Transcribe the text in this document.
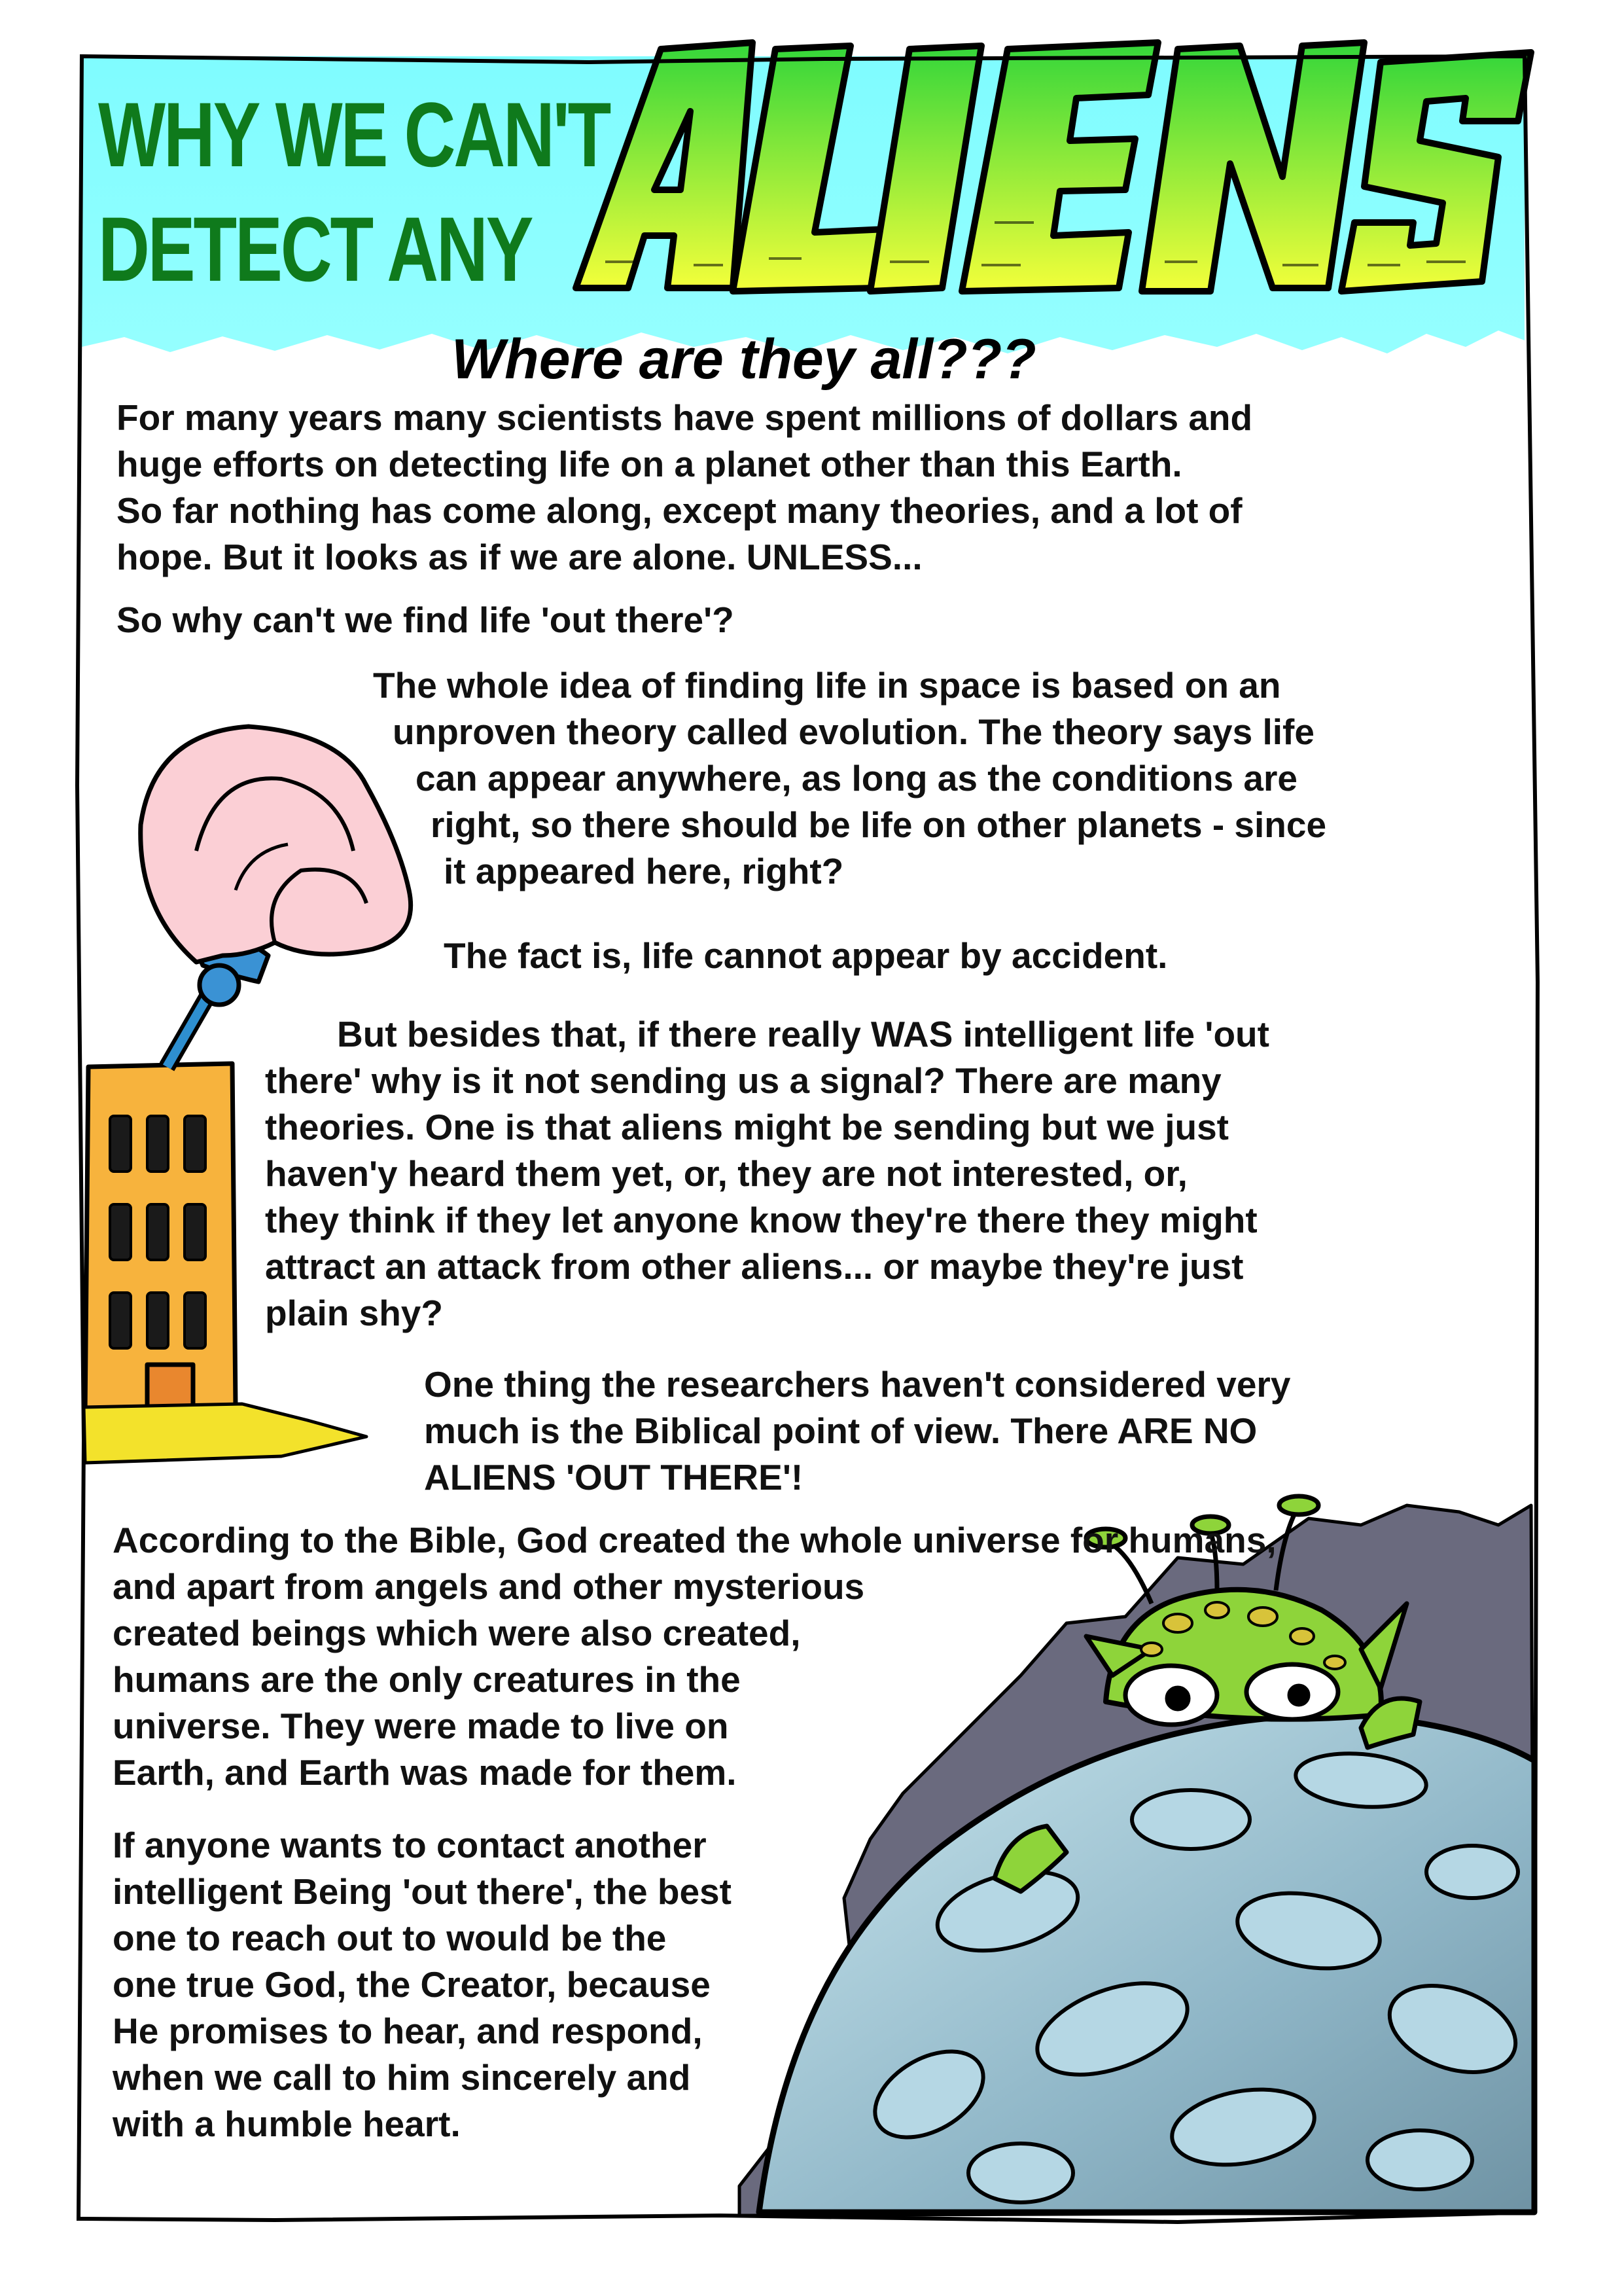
WHY WE CAN'T
DETECT ANY
Where are they all???

For many years many scientists have spent millions of dollars and

huge efforts on detecting life on a planet other than this Earth.

So far nothing has come along, except many theories, and a lot of

hope. But it looks as if we are alone. UNLESS...

So why can't we find life 'out there'?

The whole idea of finding life in space is based on an

unproven theory called evolution. The theory says life

can appear anywhere, as long as the conditions are

right, so there should be life on other planets - since

it appeared here, right?

The fact is, life cannot appear by accident.

But besides that, if there really WAS intelligent life 'out

there' why is it not sending us a signal? There are many

theories. One is that aliens might be sending but we just

haven'y heard them yet, or, they are not interested, or,

they think if they let anyone know they're there they might

attract an attack from other aliens... or maybe they're just

plain shy?

One thing the researchers haven't considered very

much is the Biblical point of view. There ARE NO

ALIENS 'OUT THERE'!

According to the Bible, God created the whole universe for humans,

and apart from angels and other mysterious

created beings which were also created,

humans are the only creatures in the

universe. They were made to live on

Earth, and Earth was made for them.

If anyone wants to contact another

intelligent Being 'out there', the best

one to reach out to would be the

one true God, the Creator, because

He promises to hear, and respond,

when we call to him sincerely and

with a humble heart.
